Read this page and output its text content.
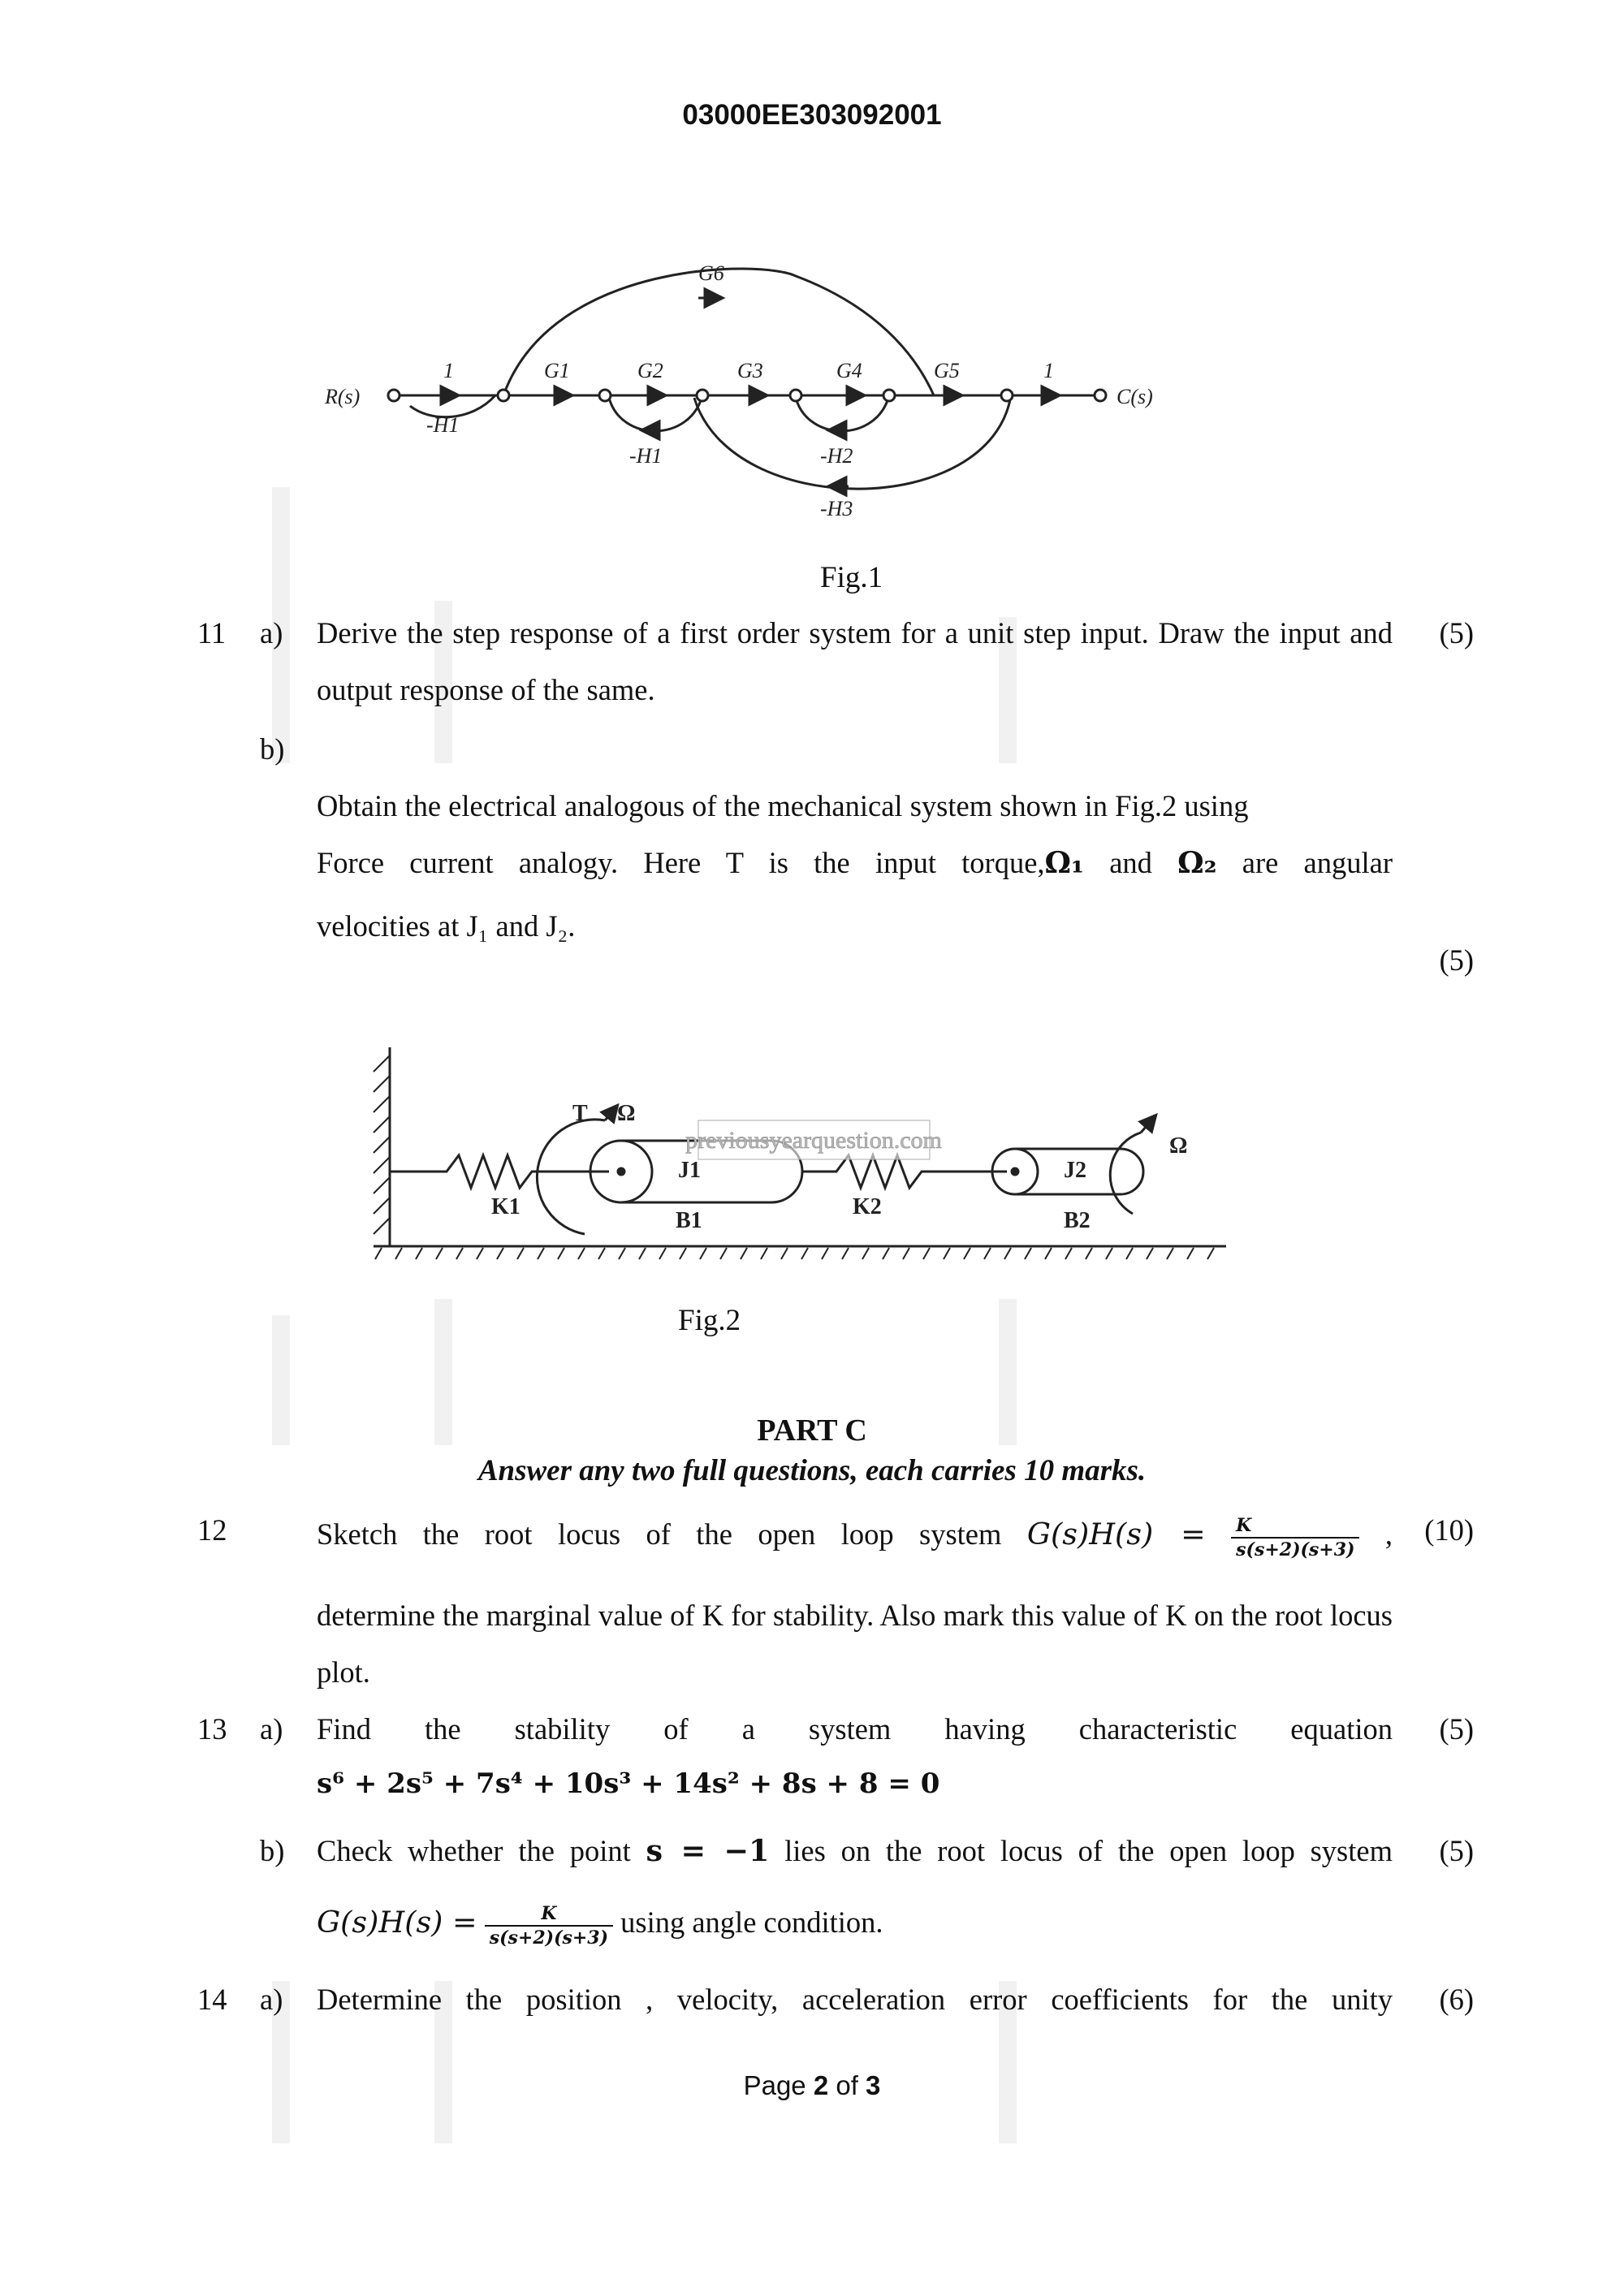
03000EE303092001
R(s)	C(s)
1	G1	G2	G3	G4	G5	1
G6
-H1
-H1	-H2
-H3
Fig.1
11 a) Derive the step response of a first order system for a unit step input. Draw the input and output response of the same.
(5)
b)
Obtain the electrical analogous of the mechanical system shown in Fig.2 using
Force current analogy. Here T is the input torque,Ω₁ and Ω₂ are angular
velocities at J₁ and J₂.
(5)
previousyearquestion.com
T Ω
K1
J1
B1
K2
J2
B2
Ω
Fig.2
PART C
Answer any two full questions, each carries 10 marks.
12	Sketch the root locus of the open loop system $G(s)H(s) = \frac{K}{s(s+2)(s+3)}$ ,	(10)
determine the marginal value of K for stability. Also mark this value of K on the root locus plot.
13 a) Find the stability of a system having characteristic equation	(5)
s⁶ + 2s⁵ + 7s⁴ + 10s³ + 14s² + 8s + 8 = 0
b) Check whether the point s = −1 lies on the root locus of the open loop system	(5)
$G(s)H(s) = \frac{K}{s(s+2)(s+3)}$ using angle condition.
14 a) Determine the position , velocity, acceleration error coefficients for the unity	(6)
Page 2 of 3
